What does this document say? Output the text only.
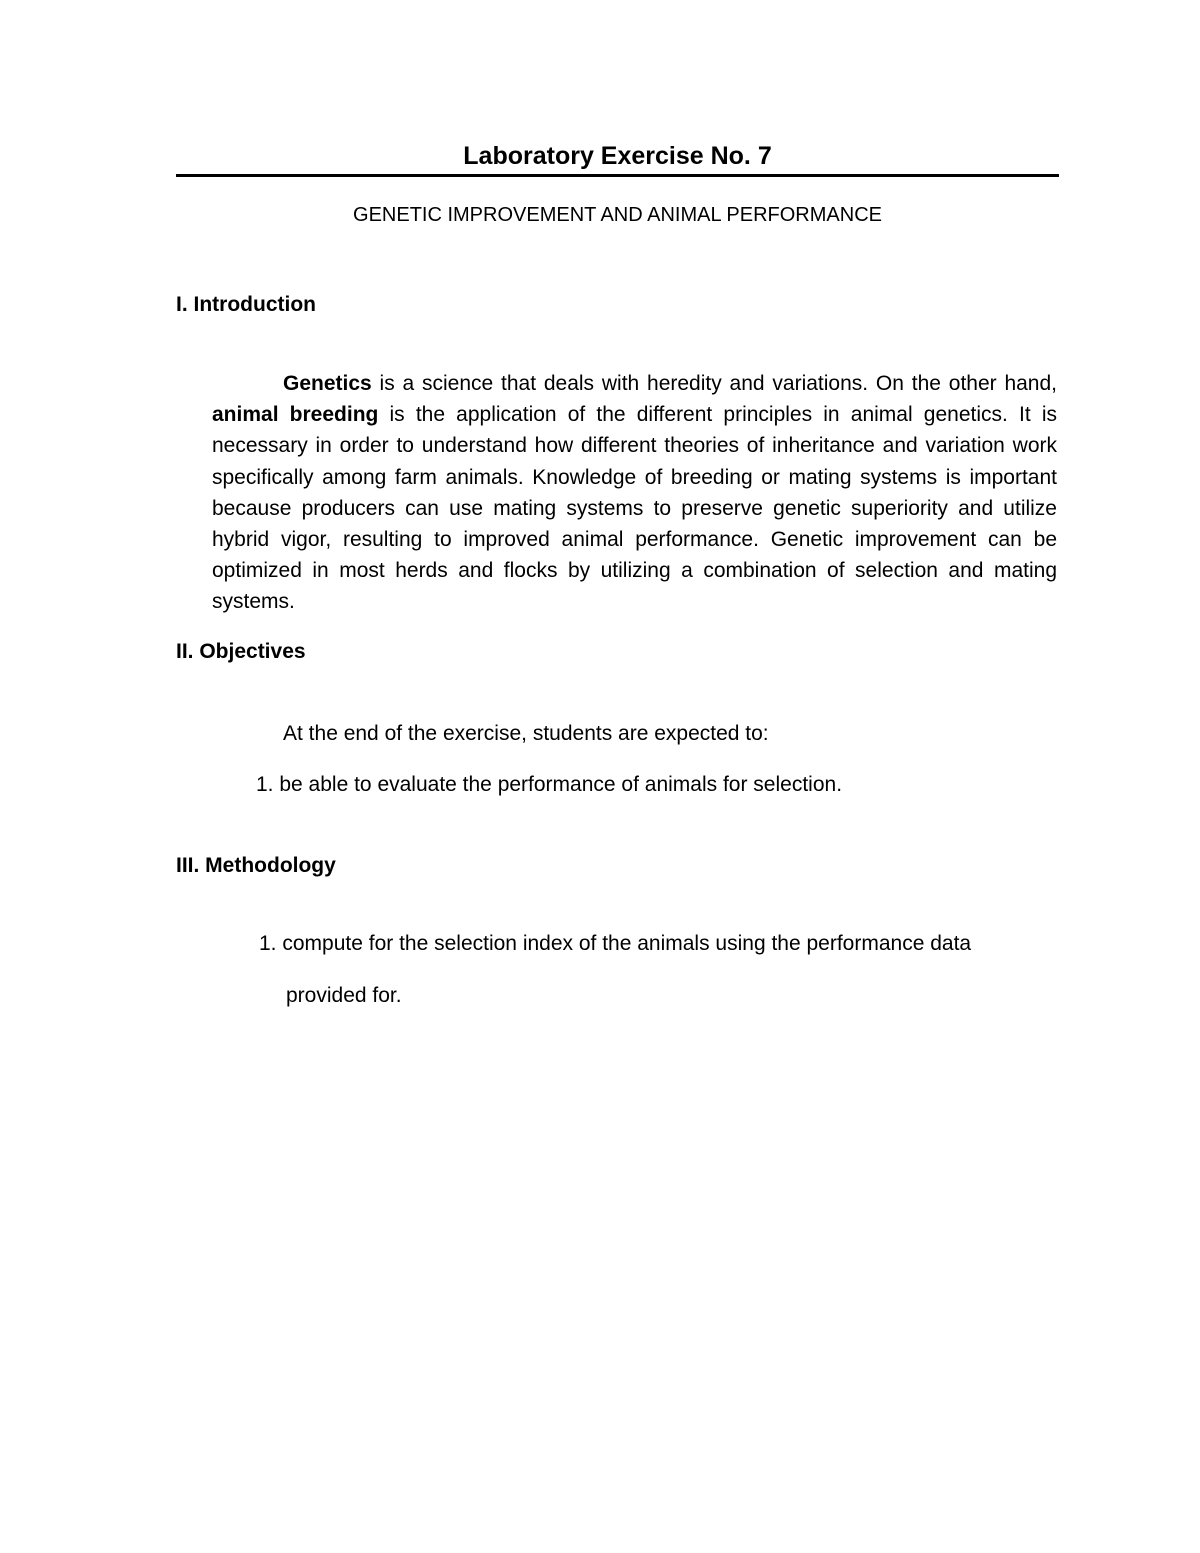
Laboratory Exercise No. 7
GENETIC IMPROVEMENT AND ANIMAL PERFORMANCE
I. Introduction
Genetics is a science that deals with heredity and variations. On the other hand, animal breeding is the application of the different principles in animal genetics. It is necessary in order to understand how different theories of inheritance and variation work specifically among farm animals. Knowledge of breeding or mating systems is important because producers can use mating systems to preserve genetic superiority and utilize hybrid vigor, resulting to improved animal performance. Genetic improvement can be optimized in most herds and flocks by utilizing a combination of selection and mating systems.
II. Objectives
At the end of the exercise, students are expected to:
1. be able to evaluate the performance of animals for selection.
III. Methodology
1. compute for the selection index of the animals using the performance data
provided for.
